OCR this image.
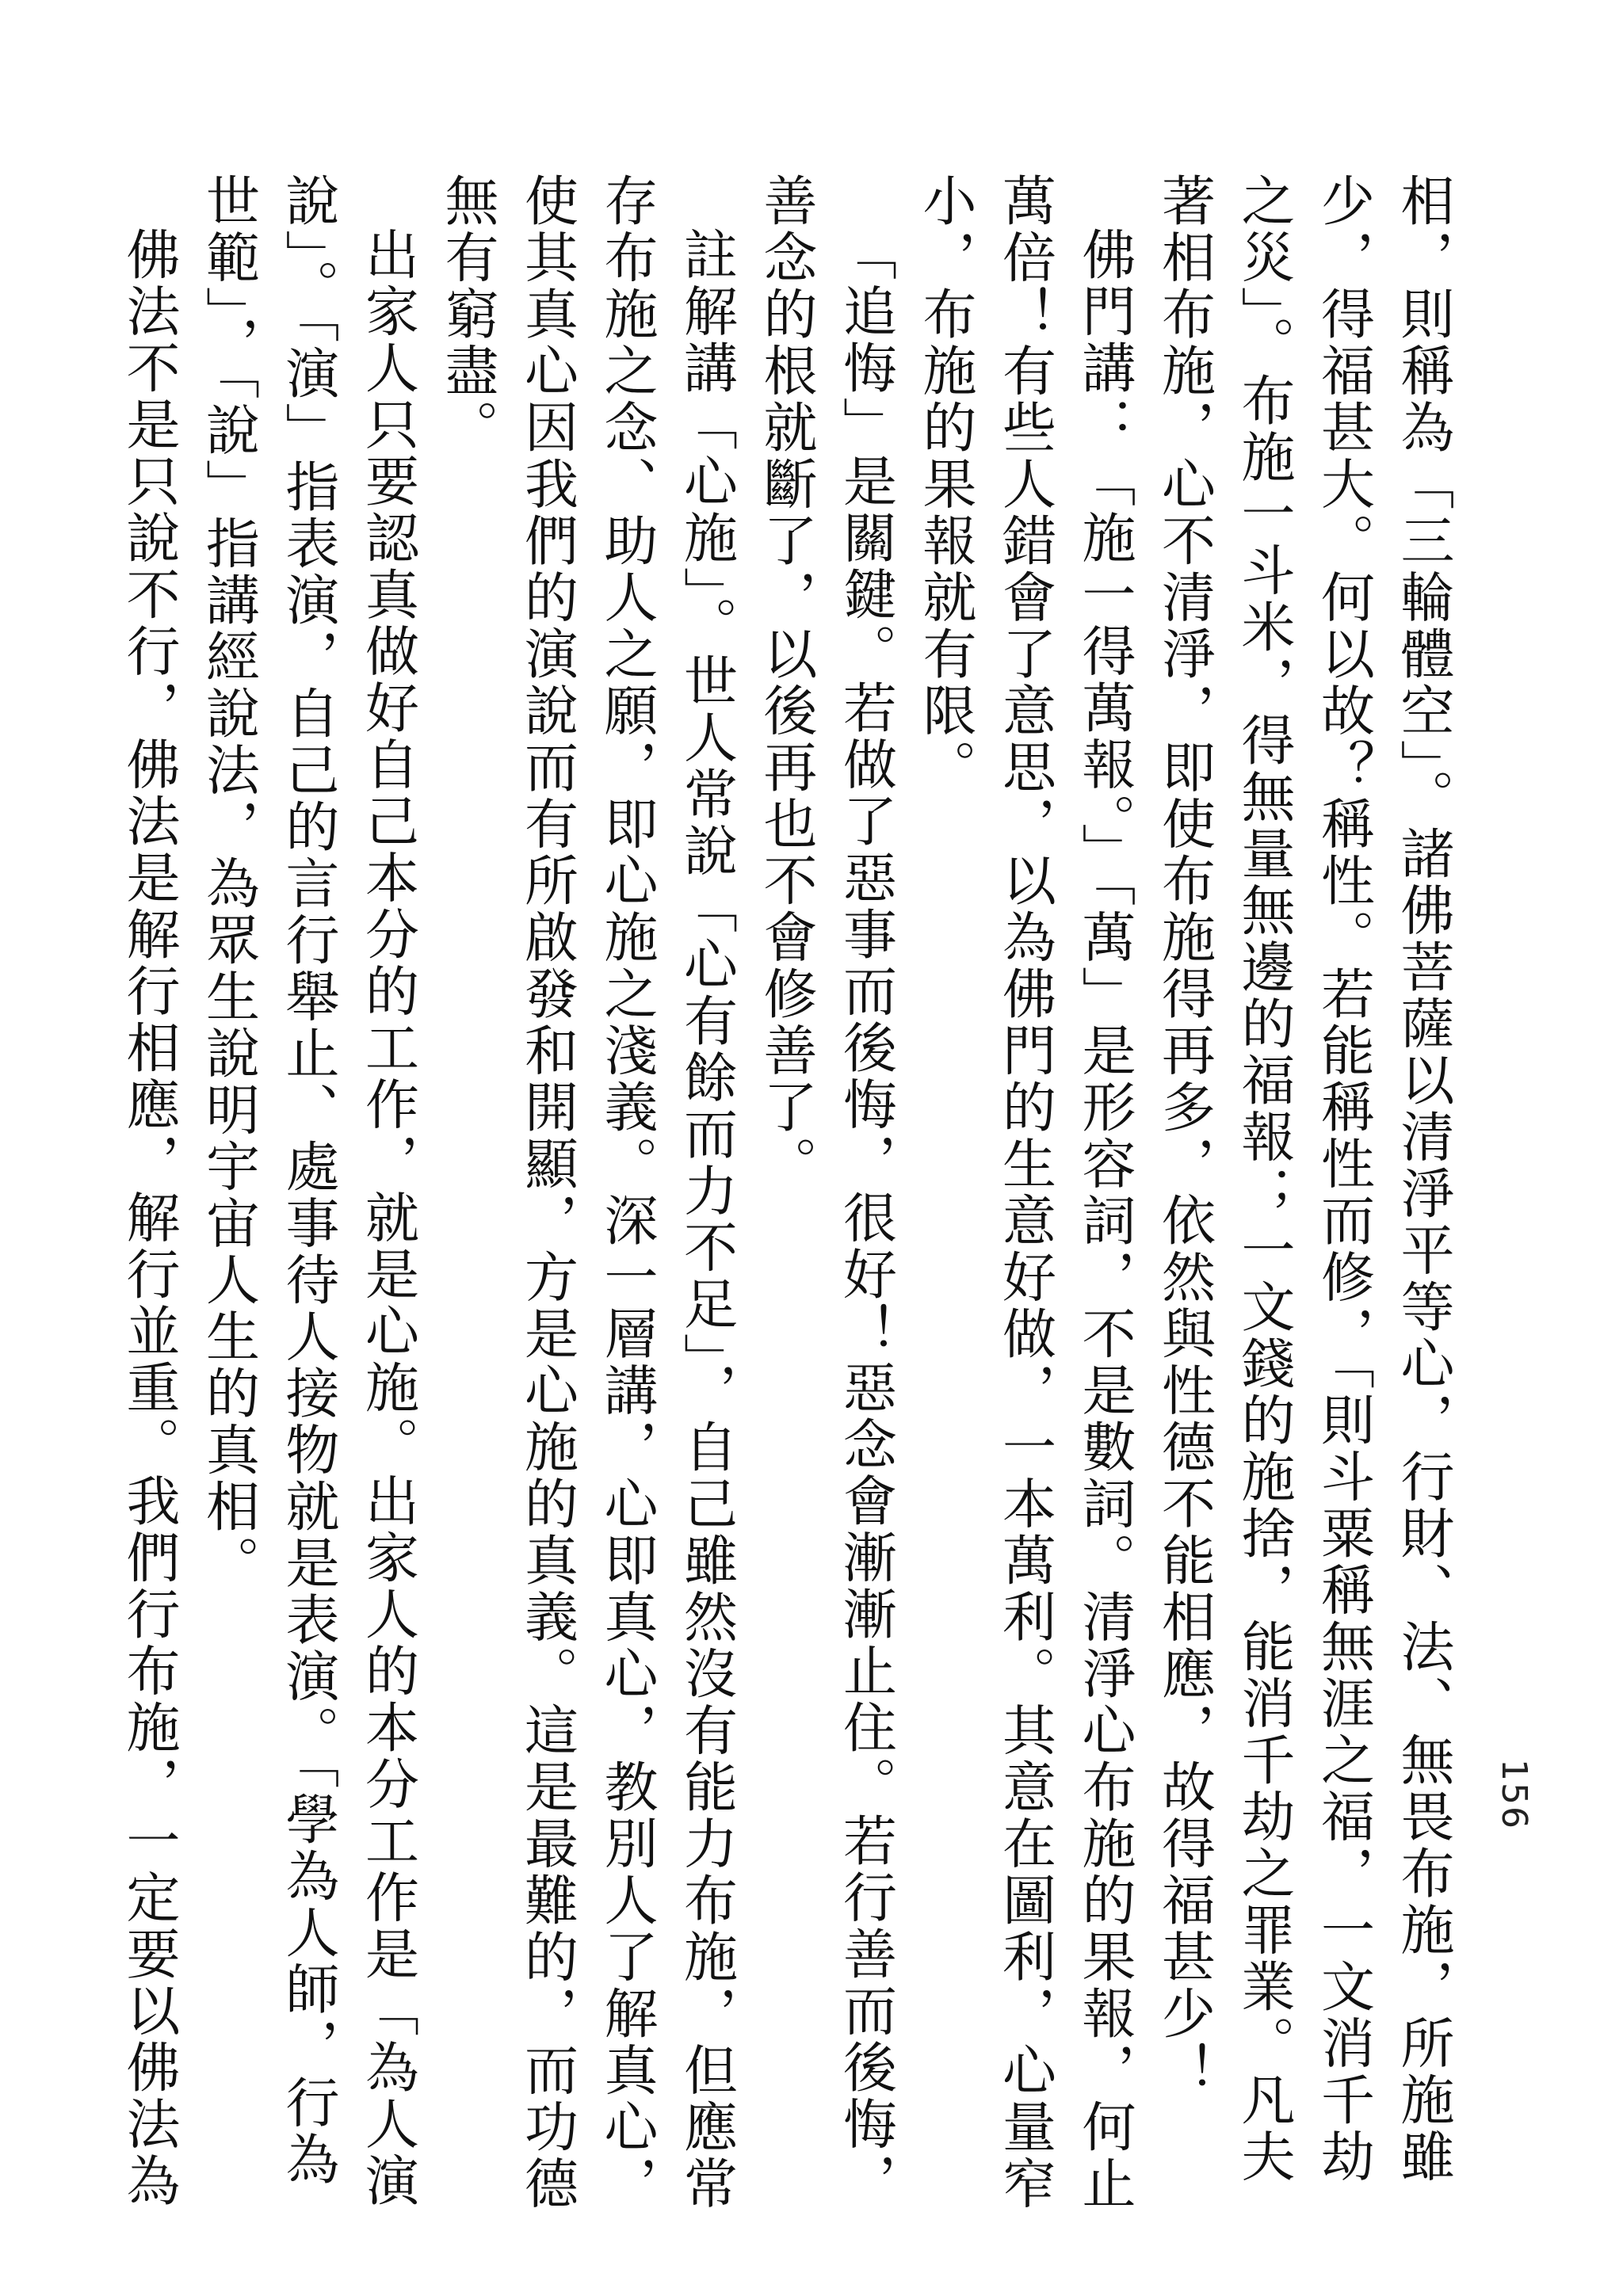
156

相，則稱為「三輪體空」。諸佛菩薩以清淨平等心，行財、法、無畏布施，所施雖少，得福甚大。何以故？稱性。若能稱性而修，「則斗粟稱無涯之福，一文消千劫之災」。布施一斗米，得無量無邊的福報；一文錢的施捨，能消千劫之罪業。凡夫著相布施，心不清淨，即使布施得再多，依然與性德不能相應，故得福甚少！

佛門講：「施一得萬報。」「萬」是形容詞，不是數詞。清淨心布施的果報，何止萬倍！有些人錯會了意思，以為佛門的生意好做，一本萬利。其意在圖利，心量窄小，布施的果報就有限。

「追悔」是關鍵。若做了惡事而後悔，很好！惡念會漸漸止住。若行善而後悔，善念的根就斷了，以後再也不會修善了。

註解講「心施」。世人常說「心有餘而力不足」，自己雖然沒有能力布施，但應常存布施之念、助人之願，即心施之淺義。深一層講，心即真心，教別人了解真心，使其真心因我們的演說而有所啟發和開顯，方是心施的真義。這是最難的，而功德無有窮盡。

出家人只要認真做好自己本分的工作，就是心施。出家人的本分工作是「為人演說」。「演」指表演，自己的言行舉止、處事待人接物就是表演。「學為人師，行為世範」，「說」指講經說法，為眾生說明宇宙人生的真相。

佛法不是只說不行，佛法是解行相應，解行並重。我們行布施，一定要以佛法為
